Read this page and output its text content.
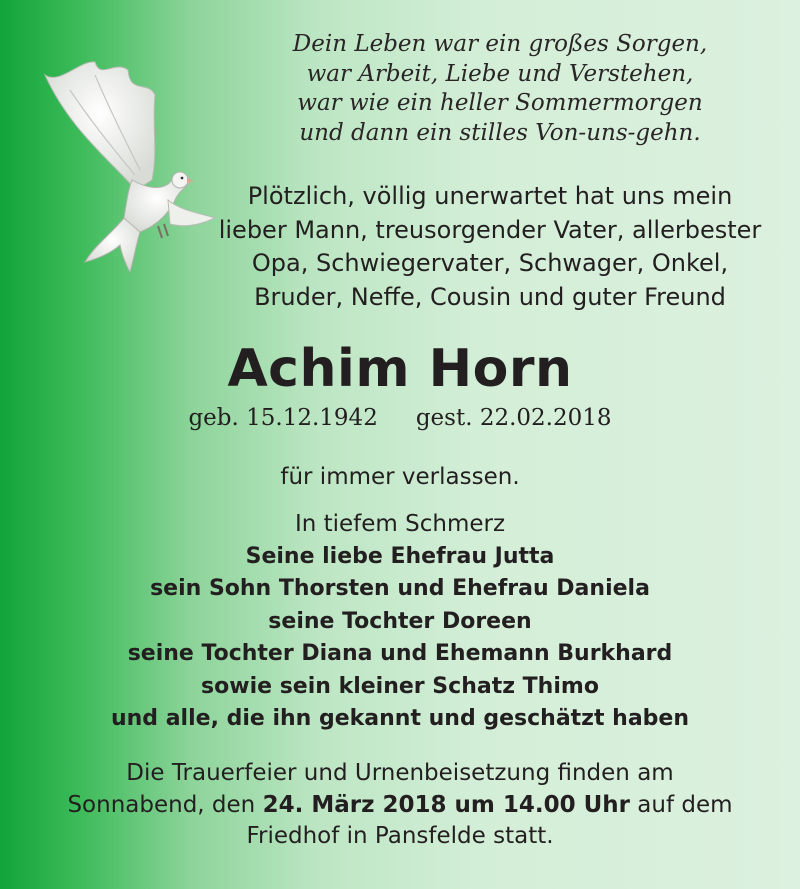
Dein Leben war ein großes Sorgen,
war Arbeit, Liebe und Verstehen,
war wie ein heller Sommermorgen
und dann ein stilles Von-uns-gehn.
Plötzlich, völlig unerwartet hat uns mein
lieber Mann, treusorgender Vater, allerbester
Opa, Schwiegervater, Schwager, Onkel,
Bruder, Neffe, Cousin und guter Freund
Achim Horn
geb. 15.12.1942 gest. 22.02.2018
für immer verlassen.
In tiefem Schmerz
Seine liebe Ehefrau Jutta
sein Sohn Thorsten und Ehefrau Daniela
seine Tochter Doreen
seine Tochter Diana und Ehemann Burkhard
sowie sein kleiner Schatz Thimo
und alle, die ihn gekannt und geschätzt haben
Die Trauerfeier und Urnenbeisetzung finden am
Sonnabend, den 24. März 2018 um 14.00 Uhr auf dem
Friedhof in Pansfelde statt.
